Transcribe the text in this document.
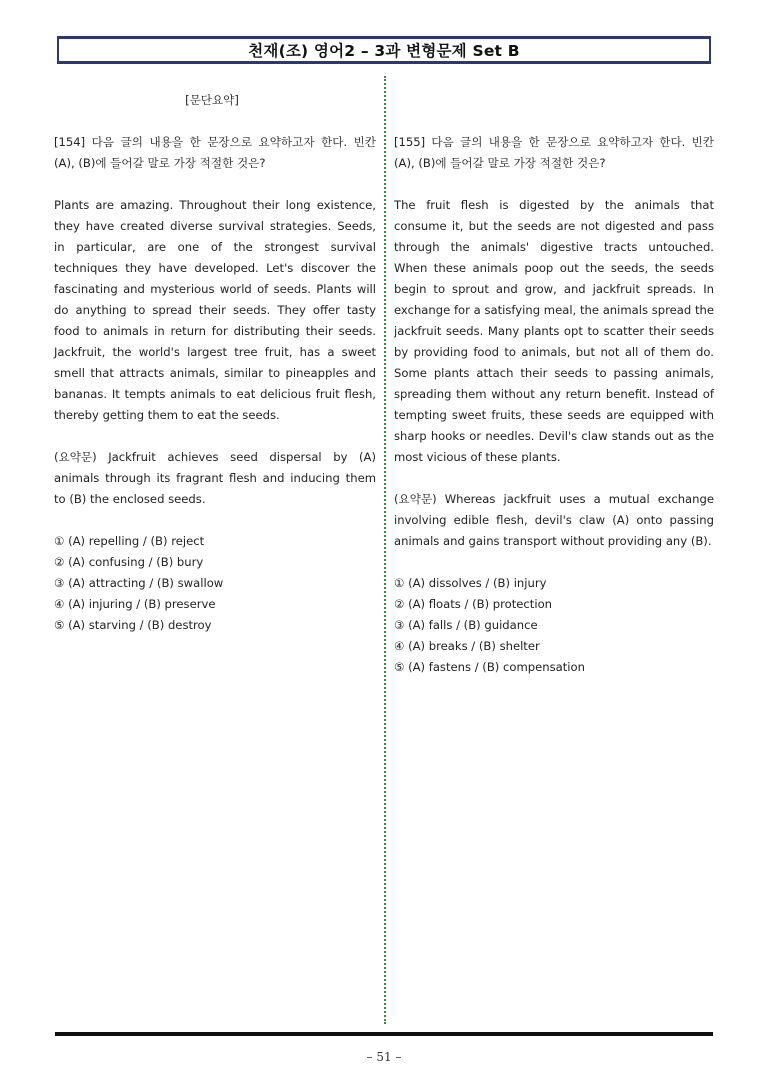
천재(조) 영어2 – 3과 변형문제 Set B
[문단요약]

[154] 다음 글의 내용을 한 문장으로 요약하고자 한다. 빈칸 (A), (B)에 들어갈 말로 가장 적절한 것은?

Plants are amazing. Throughout their long existence, they have created diverse survival strategies. Seeds, in particular, are one of the strongest survival techniques they have developed. Let's discover the fascinating and mysterious world of seeds. Plants will do anything to spread their seeds. They offer tasty food to animals in return for distributing their seeds. Jackfruit, the world's largest tree fruit, has a sweet smell that attracts animals, similar to pineapples and bananas. It tempts animals to eat delicious fruit flesh, thereby getting them to eat the seeds.

(요약문) Jackfruit achieves seed dispersal by (A) animals through its fragrant flesh and inducing them to (B) the enclosed seeds.

① (A) repelling / (B) reject

② (A) confusing / (B) bury

③ (A) attracting / (B) swallow

④ (A) injuring / (B) preserve

⑤ (A) starving / (B) destroy

[155] 다음 글의 내용을 한 문장으로 요약하고자 한다. 빈칸 (A), (B)에 들어갈 말로 가장 적절한 것은?

The fruit flesh is digested by the animals that consume it, but the seeds are not digested and pass through the animals' digestive tracts untouched. When these animals poop out the seeds, the seeds begin to sprout and grow, and jackfruit spreads. In exchange for a satisfying meal, the animals spread the jackfruit seeds. Many plants opt to scatter their seeds by providing food to animals, but not all of them do. Some plants attach their seeds to passing animals, spreading them without any return benefit. Instead of tempting sweet fruits, these seeds are equipped with sharp hooks or needles. Devil's claw stands out as the most vicious of these plants.

(요약문) Whereas jackfruit uses a mutual exchange involving edible flesh, devil's claw (A) onto passing animals and gains transport without providing any (B).

① (A) dissolves / (B) injury

② (A) floats / (B) protection

③ (A) falls / (B) guidance

④ (A) breaks / (B) shelter

⑤ (A) fastens / (B) compensation

– 51 –
